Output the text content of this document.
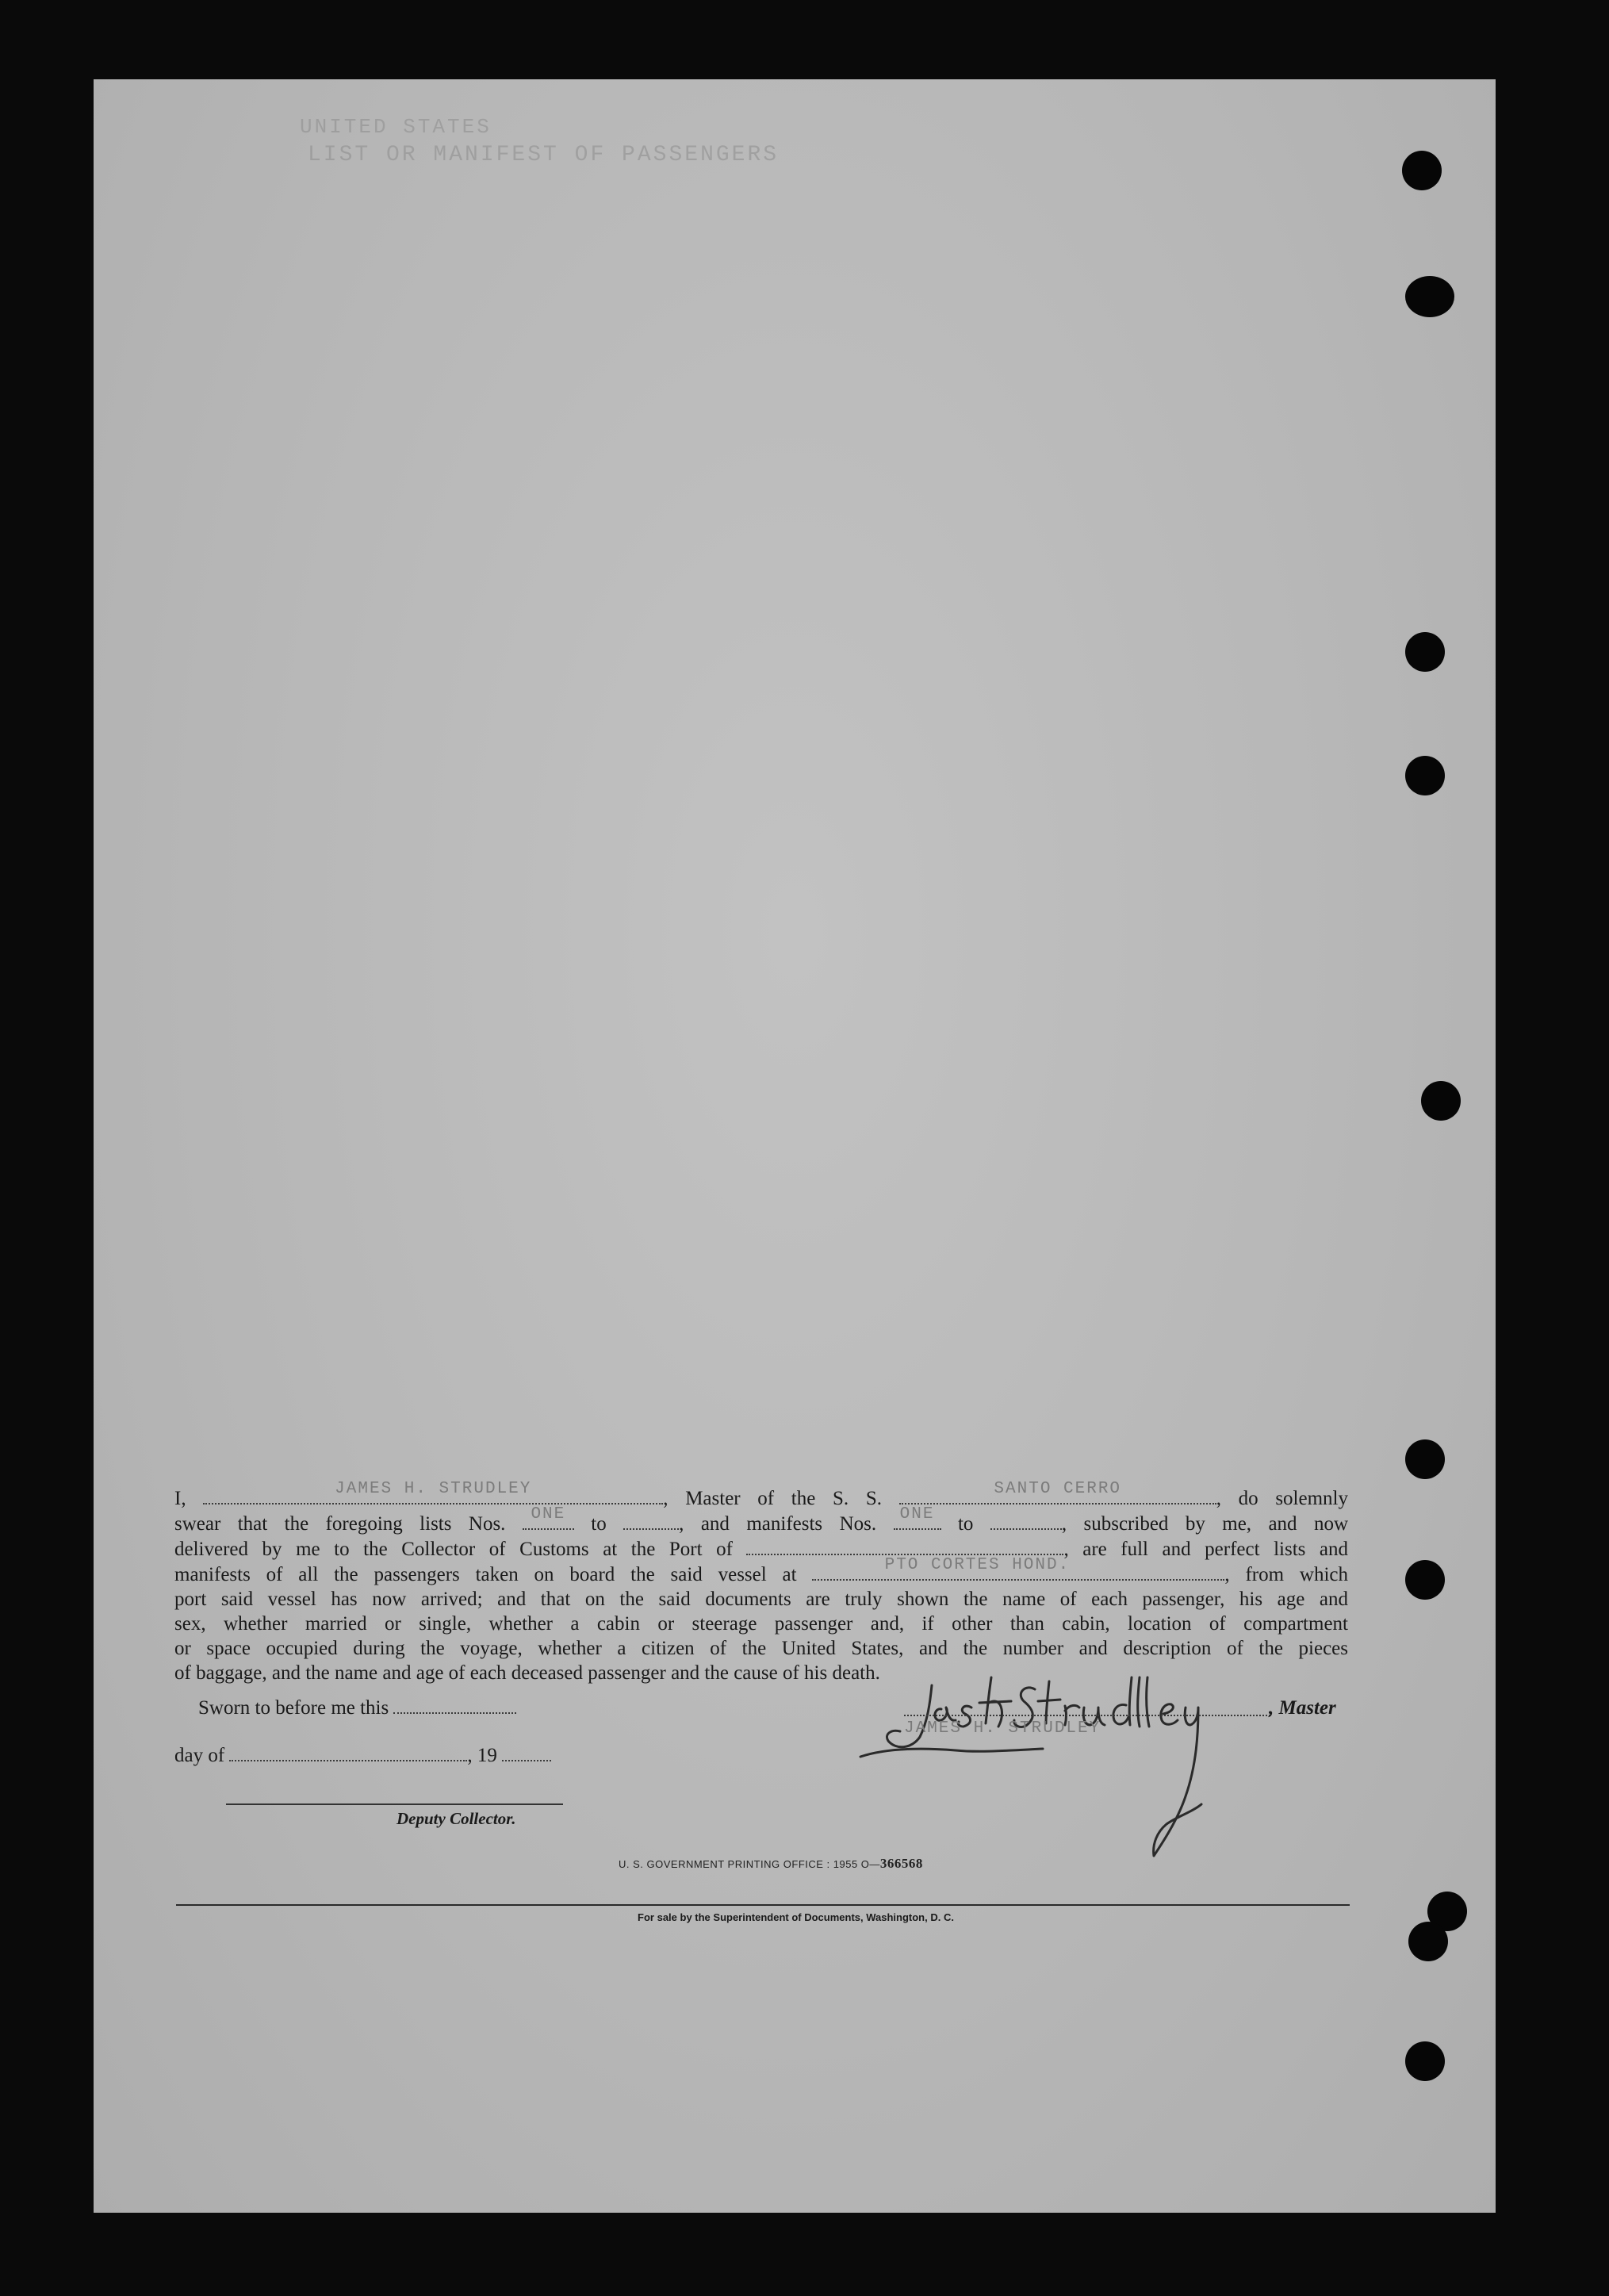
UNITED STATES
LIST OR MANIFEST OF PASSENGERS
I,	JAMES H. STRUDLEY	, Master of the S. S.	SANTO CERRO	, do solemnly
swear that the foregoing lists Nos. ONE to	, and manifests Nos. ONE to	, subscribed by me, and now
delivered by me to the Collector of Customs at the Port of	, are full and perfect lists and
manifests of all the passengers taken on board the said vessel at	PTO CORTES HOND.	, from which
port said vessel has now arrived; and that on the said documents are truly shown the name of each passenger, his age and
sex, whether married or single, whether a cabin or steerage passenger and, if other than cabin, location of compartment
or space occupied during the voyage, whether a citizen of the United States, and the number and description of the pieces
of baggage, and the name and age of each deceased passenger and the cause of his death.
Sworn to before me this
day of	, 19
Deputy Collector.
, Master
JAMES H. STRUDLEY
U. S. GOVERNMENT PRINTING OFFICE : 1955 O—366568
For sale by the Superintendent of Documents, Washington, D. C.
